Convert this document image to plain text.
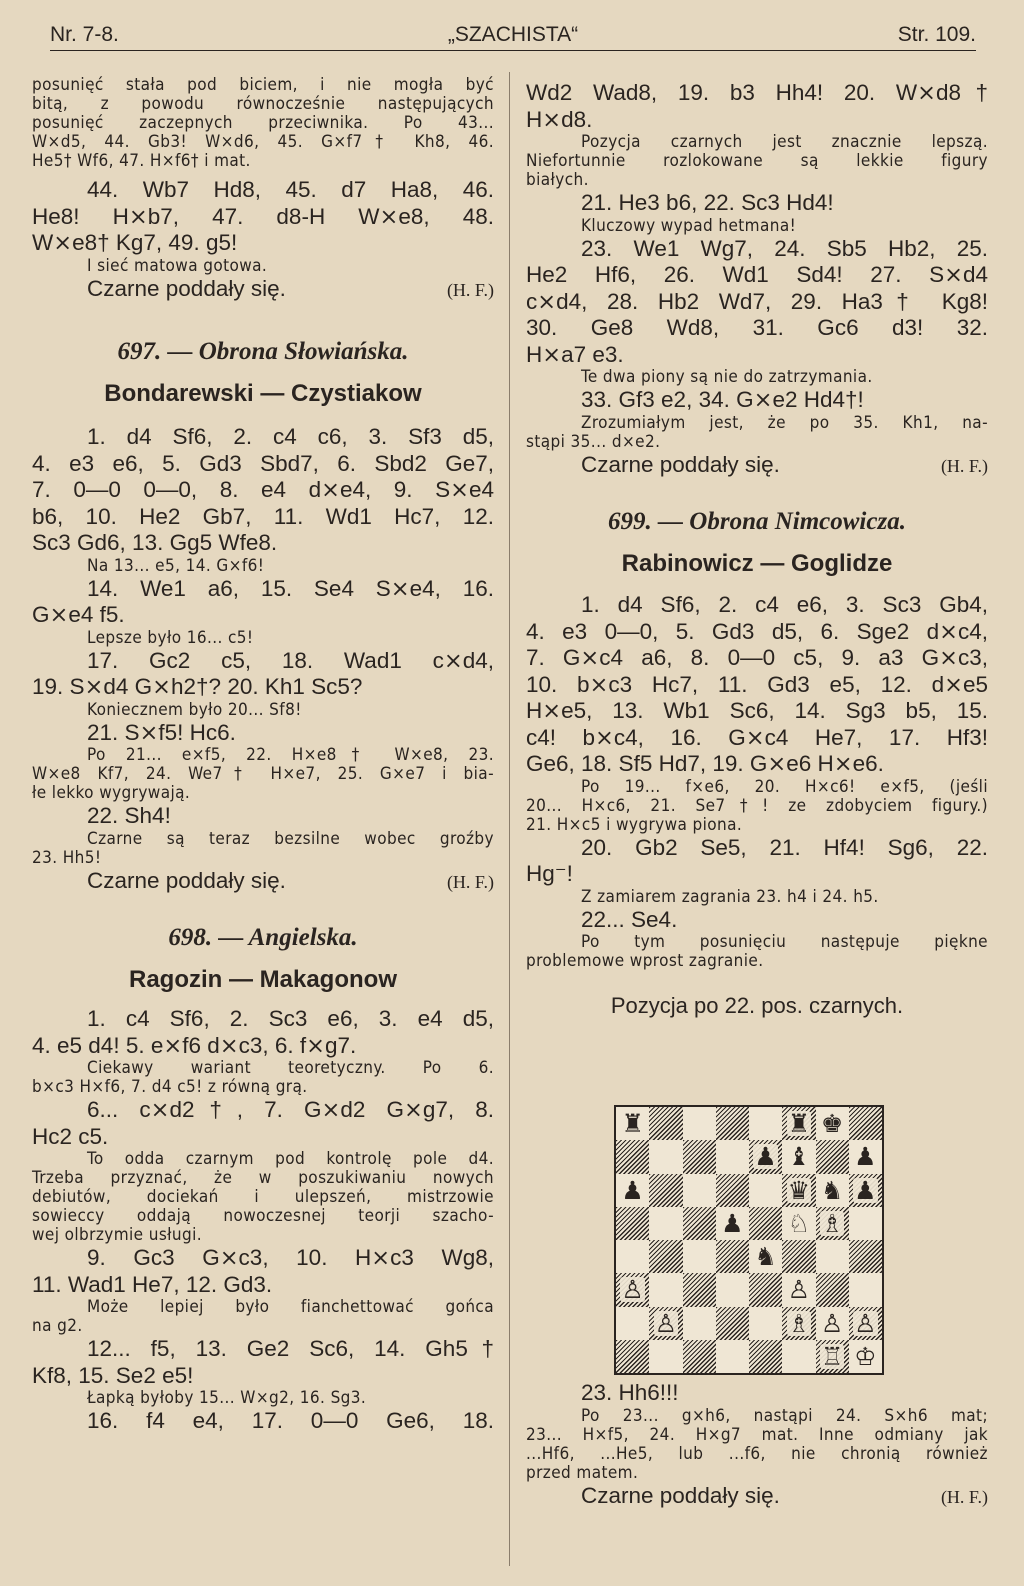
Nr. 7-8.	„SZACHISTA“	Str. 109.

posunięć stała pod biciem, i nie mogła być

bitą, z powodu równocześnie następujących

posunięć zaczepnych przeciwnika. Po 43...

W⨯d5, 44. Gb3! W⨯d6, 45. G⨯f7† Kh8, 46.

He5† Wf6, 47. H⨯f6† i mat.

44. Wb7 Hd8, 45. d7 Ha8, 46.

He8! H⨯b7, 47. d8-H W⨯e8, 48.

W⨯e8† Kg7, 49. g5!

I sieć matowa gotowa.

Czarne poddały się.	(H. F.)

697. — Obrona Słowiańska.

Bondarewski — Czystiakow

1. d4 Sf6, 2. c4 c6, 3. Sf3 d5,

4. e3 e6, 5. Gd3 Sbd7, 6. Sbd2 Ge7,

7. 0—0 0—0, 8. e4 d⨯e4, 9. S⨯e4

b6, 10. He2 Gb7, 11. Wd1 Hc7, 12.

Sc3 Gd6, 13. Gg5 Wfe8.

Na 13... e5, 14. G⨯f6!

14. We1 a6, 15. Se4 S⨯e4, 16.

G⨯e4 f5.

Lepsze było 16... c5!

17. Gc2 c5, 18. Wad1 c⨯d4,

19. S⨯d4 G⨯h2†? 20. Kh1 Sc5?

Koniecznem było 20... Sf8!

21. S⨯f5! Hc6.

Po 21... e⨯f5, 22. H⨯e8† W⨯e8, 23.

W⨯e8 Kf7, 24. We7† H⨯e7, 25. G⨯e7 i bia-

łe lekko wygrywają.

22. Sh4!

Czarne są teraz bezsilne wobec groźby

23. Hh5!

Czarne poddały się.	(H. F.)

698. — Angielska.

Ragozin — Makagonow

1. c4 Sf6, 2. Sc3 e6, 3. e4 d5,

4. e5 d4! 5. e⨯f6 d⨯c3, 6. f⨯g7.

Ciekawy wariant teoretyczny. Po 6.

b⨯c3 H⨯f6, 7. d4 c5! z równą grą.

6... c⨯d2†, 7. G⨯d2 G⨯g7, 8.

Hc2 c5.

To odda czarnym pod kontrolę pole d4.

Trzeba przyznać, że w poszukiwaniu nowych

debiutów, dociekań i ulepszeń, mistrzowie

sowieccy oddają nowoczesnej teorji szacho-

wej olbrzymie usługi.

9. Gc3 G⨯c3, 10. H⨯c3 Wg8,

11. Wad1 He7, 12. Gd3.

Może lepiej było fianchettować gońca

na g2.

12... f5, 13. Ge2 Sc6, 14. Gh5†

Kf8, 15. Se2 e5!

Łapką byłoby 15... W⨯g2, 16. Sg3.

16. f4 e4, 17. 0—0 Ge6, 18.

Wd2 Wad8, 19. b3 Hh4! 20. W⨯d8†

H⨯d8.

Pozycja czarnych jest znacznie lepszą.

Niefortunnie rozlokowane są lekkie figury

białych.

21. He3 b6, 22. Sc3 Hd4!

Kluczowy wypad hetmana!

23. We1 Wg7, 24. Sb5 Hb2, 25.

He2 Hf6, 26. Wd1 Sd4! 27. S⨯d4

c⨯d4, 28. Hb2 Wd7, 29. Ha3† Kg8!

30. Ge8 Wd8, 31. Gc6 d3! 32.

H⨯a7 e3.

Te dwa piony są nie do zatrzymania.

33. Gf3 e2, 34. G⨯e2 Hd4†!

Zrozumiałym jest, że po 35. Kh1, na-

stąpi 35... d⨯e2.

Czarne poddały się.	(H. F.)

699. — Obrona Nimcowicza.

Rabinowicz — Goglidze

1. d4 Sf6, 2. c4 e6, 3. Sc3 Gb4,

4. e3 0—0, 5. Gd3 d5, 6. Sge2 d⨯c4,

7. G⨯c4 a6, 8. 0—0 c5, 9. a3 G⨯c3,

10. b⨯c3 Hc7, 11. Gd3 e5, 12. d⨯e5

H⨯e5, 13. Wb1 Sc6, 14. Sg3 b5, 15.

c4! b⨯c4, 16. G⨯c4 He7, 17. Hf3!

Ge6, 18. Sf5 Hd7, 19. G⨯e6 H⨯e6.

Po 19... f⨯e6, 20. H⨯c6! e⨯f5, (jeśli

20... H⨯c6, 21. Se7†! ze zdobyciem figury.)

21. H⨯c5 i wygrywa piona.

20. Gb2 Se5, 21. Hf4! Sg6, 22.

Hg⁻!

Z zamiarem zagrania 23. h4 i 24. h5.

22... Se4.

Po tym posunięciu następuje piękne

problemowe wprost zagranie.

Pozycja po 22. pos. czarnych.

♜	♜ ♚
♟ ♝ ♟
♟	♛ ♞ ♟
♟ ♘ ♗
♞
♙	♙
♙	♗ ♙ ♙
♖ ♔

23. Hh6!!!

Po 23... g⨯h6, nastąpi 24. S⨯h6 mat;

23... H⨯f5, 24. H⨯g7 mat. Inne odmiany jak

...Hf6, ...He5, lub ...f6, nie chronią również

przed matem.

Czarne poddały się.	(H. F.)
